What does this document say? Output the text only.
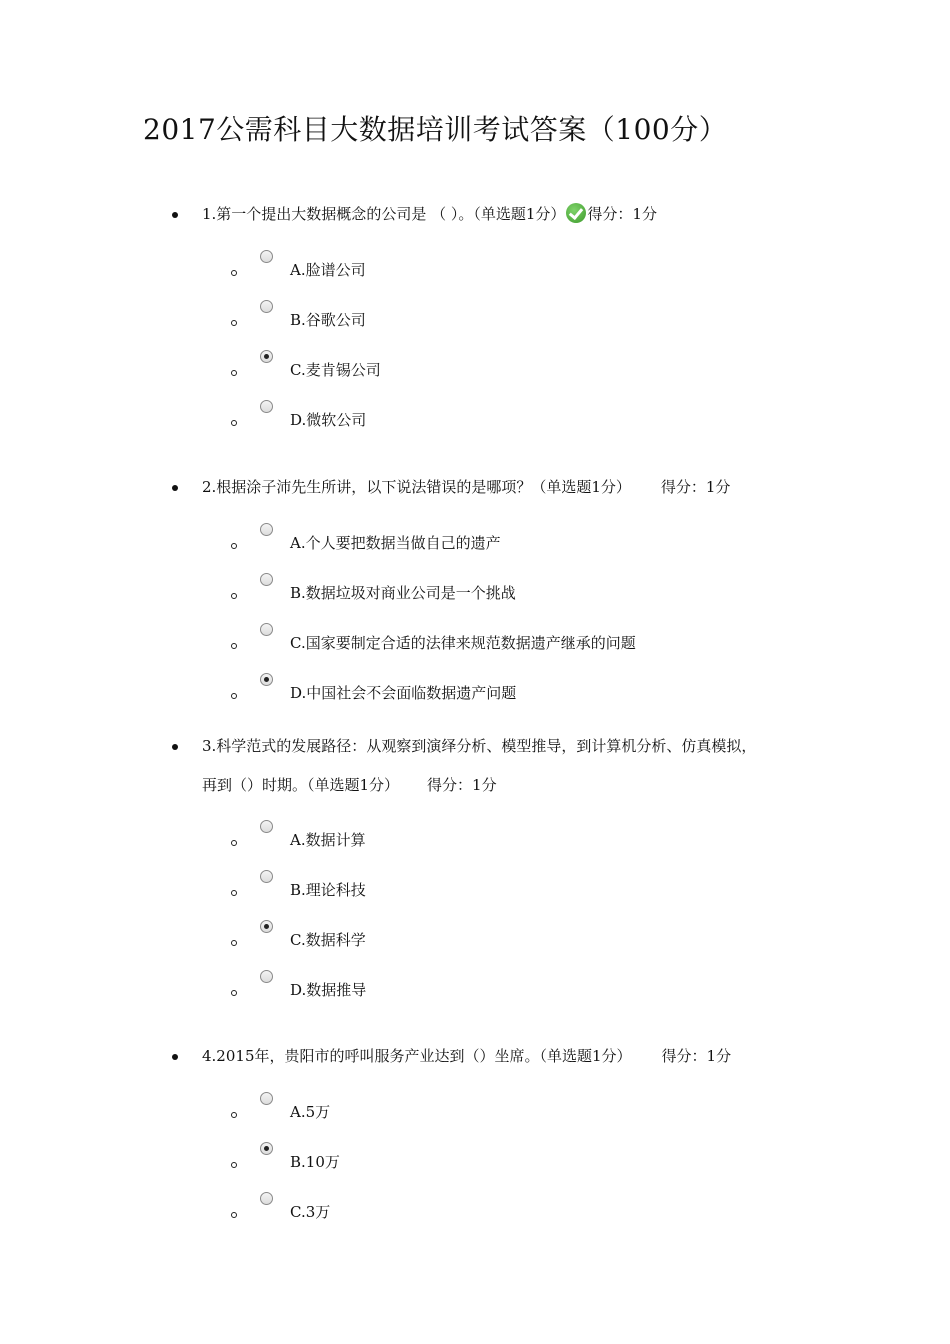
2017公需科目大数据培训考试答案（100分）
1.第一个提出大数据概念的公司是 （ ）。（单选题1分） 得分：1分
A.脸谱公司
B.谷歌公司
C.麦肯锡公司
D.微软公司
2.根据涂子沛先生所讲，以下说法错误的是哪项？（单选题1分） 得分：1分
A.个人要把数据当做自己的遗产
B.数据垃圾对商业公司是一个挑战
C.国家要制定合适的法律来规范数据遗产继承的问题
D.中国社会不会面临数据遗产问题
3.科学范式的发展路径：从观察到演绎分析、模型推导，到计算机分析、仿真模拟，
再到（）时期。（单选题1分） 得分：1分
A.数据计算
B.理论科技
C.数据科学
D.数据推导
4.2015年，贵阳市的呼叫服务产业达到（）坐席。（单选题1分） 得分：1分
A.5万
B.10万
C.3万
